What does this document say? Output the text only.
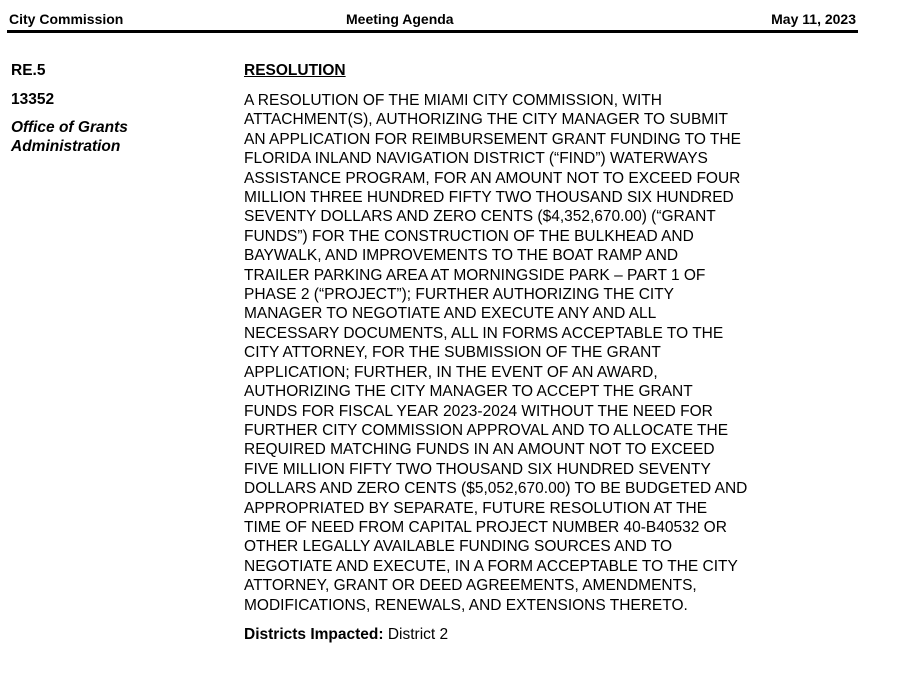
City Commission	Meeting Agenda	May 11, 2023
RE.5
13352
Office of Grants
Administration
RESOLUTION
A RESOLUTION OF THE MIAMI CITY COMMISSION, WITH
ATTACHMENT(S), AUTHORIZING THE CITY MANAGER TO SUBMIT
AN APPLICATION FOR REIMBURSEMENT GRANT FUNDING TO THE
FLORIDA INLAND NAVIGATION DISTRICT (“FIND”) WATERWAYS
ASSISTANCE PROGRAM, FOR AN AMOUNT NOT TO EXCEED FOUR
MILLION THREE HUNDRED FIFTY TWO THOUSAND SIX HUNDRED
SEVENTY DOLLARS AND ZERO CENTS ($4,352,670.00) (“GRANT
FUNDS”) FOR THE CONSTRUCTION OF THE BULKHEAD AND
BAYWALK, AND IMPROVEMENTS TO THE BOAT RAMP AND
TRAILER PARKING AREA AT MORNINGSIDE PARK – PART 1 OF
PHASE 2 (“PROJECT”); FURTHER AUTHORIZING THE CITY
MANAGER TO NEGOTIATE AND EXECUTE ANY AND ALL
NECESSARY DOCUMENTS, ALL IN FORMS ACCEPTABLE TO THE
CITY ATTORNEY, FOR THE SUBMISSION OF THE GRANT
APPLICATION; FURTHER, IN THE EVENT OF AN AWARD,
AUTHORIZING THE CITY MANAGER TO ACCEPT THE GRANT
FUNDS FOR FISCAL YEAR 2023-2024 WITHOUT THE NEED FOR
FURTHER CITY COMMISSION APPROVAL AND TO ALLOCATE THE
REQUIRED MATCHING FUNDS IN AN AMOUNT NOT TO EXCEED
FIVE MILLION FIFTY TWO THOUSAND SIX HUNDRED SEVENTY
DOLLARS AND ZERO CENTS ($5,052,670.00) TO BE BUDGETED AND
APPROPRIATED BY SEPARATE, FUTURE RESOLUTION AT THE
TIME OF NEED FROM CAPITAL PROJECT NUMBER 40-B40532 OR
OTHER LEGALLY AVAILABLE FUNDING SOURCES AND TO
NEGOTIATE AND EXECUTE, IN A FORM ACCEPTABLE TO THE CITY
ATTORNEY, GRANT OR DEED AGREEMENTS, AMENDMENTS,
MODIFICATIONS, RENEWALS, AND EXTENSIONS THERETO.
Districts Impacted: District 2
